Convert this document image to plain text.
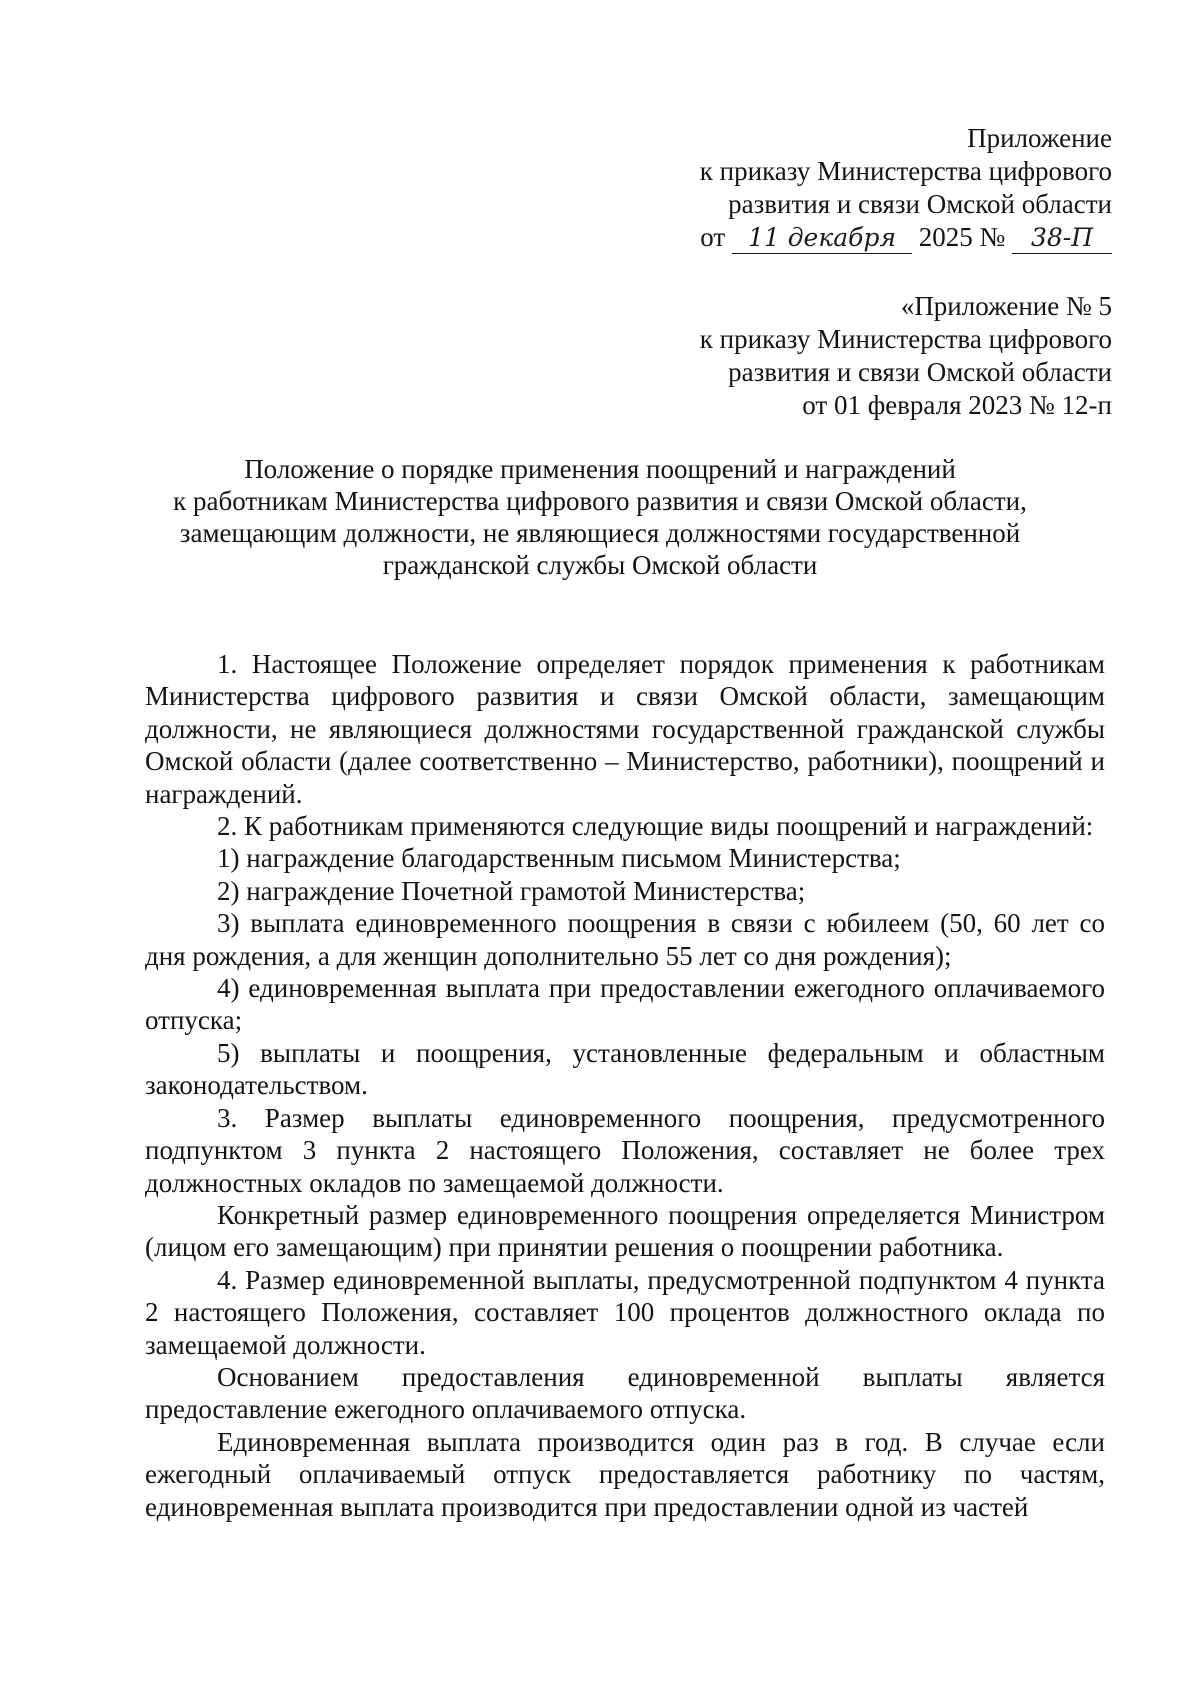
Приложение
к приказу Министерства цифрового
развития и связи Омской области
от 11 декабря 2025 № 38-П
«Приложение № 5
к приказу Министерства цифрового
развития и связи Омской области
от 01 февраля 2023 № 12-п
Положение о порядке применения поощрений и награждений
к работникам Министерства цифрового развития и связи Омской области,
замещающим должности, не являющиеся должностями государственной
гражданской службы Омской области

1. Настоящее Положение определяет порядок применения к работникам Министерства цифрового развития и связи Омской области, замещающим должности, не являющиеся должностями государственной гражданской службы Омской области (далее соответственно – Министерство, работники), поощрений и награждений.

2. К работникам применяются следующие виды поощрений и награждений:

1) награждение благодарственным письмом Министерства;

2) награждение Почетной грамотой Министерства;

3) выплата единовременного поощрения в связи с юбилеем (50, 60 лет со дня рождения, а для женщин дополнительно 55 лет со дня рождения);

4) единовременная выплата при предоставлении ежегодного оплачиваемого отпуска;

5) выплаты и поощрения, установленные федеральным и областным законодательством.

3. Размер выплаты единовременного поощрения, предусмотренного подпунктом 3 пункта 2 настоящего Положения, составляет не более трех должностных окладов по замещаемой должности.

Конкретный размер единовременного поощрения определяется Министром (лицом его замещающим) при принятии решения о поощрении работника.

4. Размер единовременной выплаты, предусмотренной подпунктом 4 пункта 2 настоящего Положения, составляет 100 процентов должностного оклада по замещаемой должности.

Основанием предоставления единовременной выплаты является предоставление ежегодного оплачиваемого отпуска.

Единовременная выплата производится один раз в год. В случае если ежегодный оплачиваемый отпуск предоставляется работнику по частям, единовременная выплата производится при предоставлении одной из частей
